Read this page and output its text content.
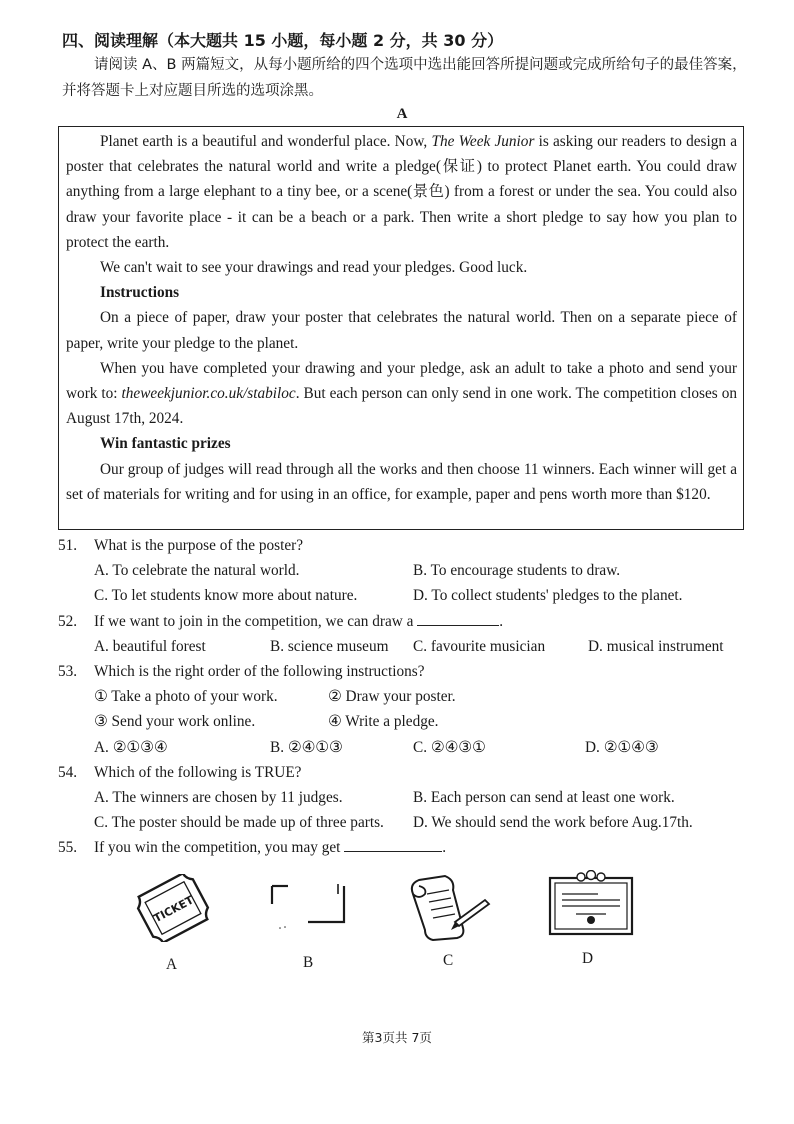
四、阅读理解（本大题共 15 小题，每小题 2 分，共 30 分）
请阅读 A、B 两篇短文，从每小题所给的四个选项中选出能回答所提问题或完成所给句子的最佳答案，并将答题卡上对应题目所选的选项涂黑。
A

Planet earth is a beautiful and wonderful place. Now, The Week Junior is asking our readers to design a poster that celebrates the natural world and write a pledge(保证) to protect Planet earth. You could draw anything from a large elephant to a tiny bee, or a scene(景色) from a forest or under the sea. You could also draw your favorite place - it can be a beach or a park. Then write a short pledge to say how you plan to protect the earth.

We can't wait to see your drawings and read your pledges. Good luck.

Instructions

On a piece of paper, draw your poster that celebrates the natural world. Then on a separate piece of paper, write your pledge to the planet.

When you have completed your drawing and your pledge, ask an adult to take a photo and send your work to: theweekjunior.co.uk/stabiloc. But each person can only send in one work. The competition closes on August 17th, 2024.

Win fantastic prizes

Our group of judges will read through all the works and then choose 11 winners. Each winner will get a set of materials for writing and for using in an office, for example, paper and pens worth more than $120.

51. What is the purpose of the poster?
A. To celebrate the natural world.	B. To encourage students to draw.
C. To let students know more about nature.	D. To collect students' pledges to the planet.
52. If we want to join in the competition, we can draw a	.
A. beautiful forest	B. science museum C. favourite musician	D. musical instrument
53. Which is the right order of the following instructions?
① Take a photo of your work.	② Draw your poster.
③ Send your work online.	④ Write a pledge.
A. ②①③④	B. ②④①③	C. ②④③①	D. ②①④③
54. Which of the following is TRUE?
A. The winners are chosen by 11 judges.	B. Each person can send at least one work.
C. The poster should be made up of three parts. D. We should send the work before Aug.17th.
55. If you win the competition, you may get	.
TICKET
A	B	C	D
第3页共 7页
